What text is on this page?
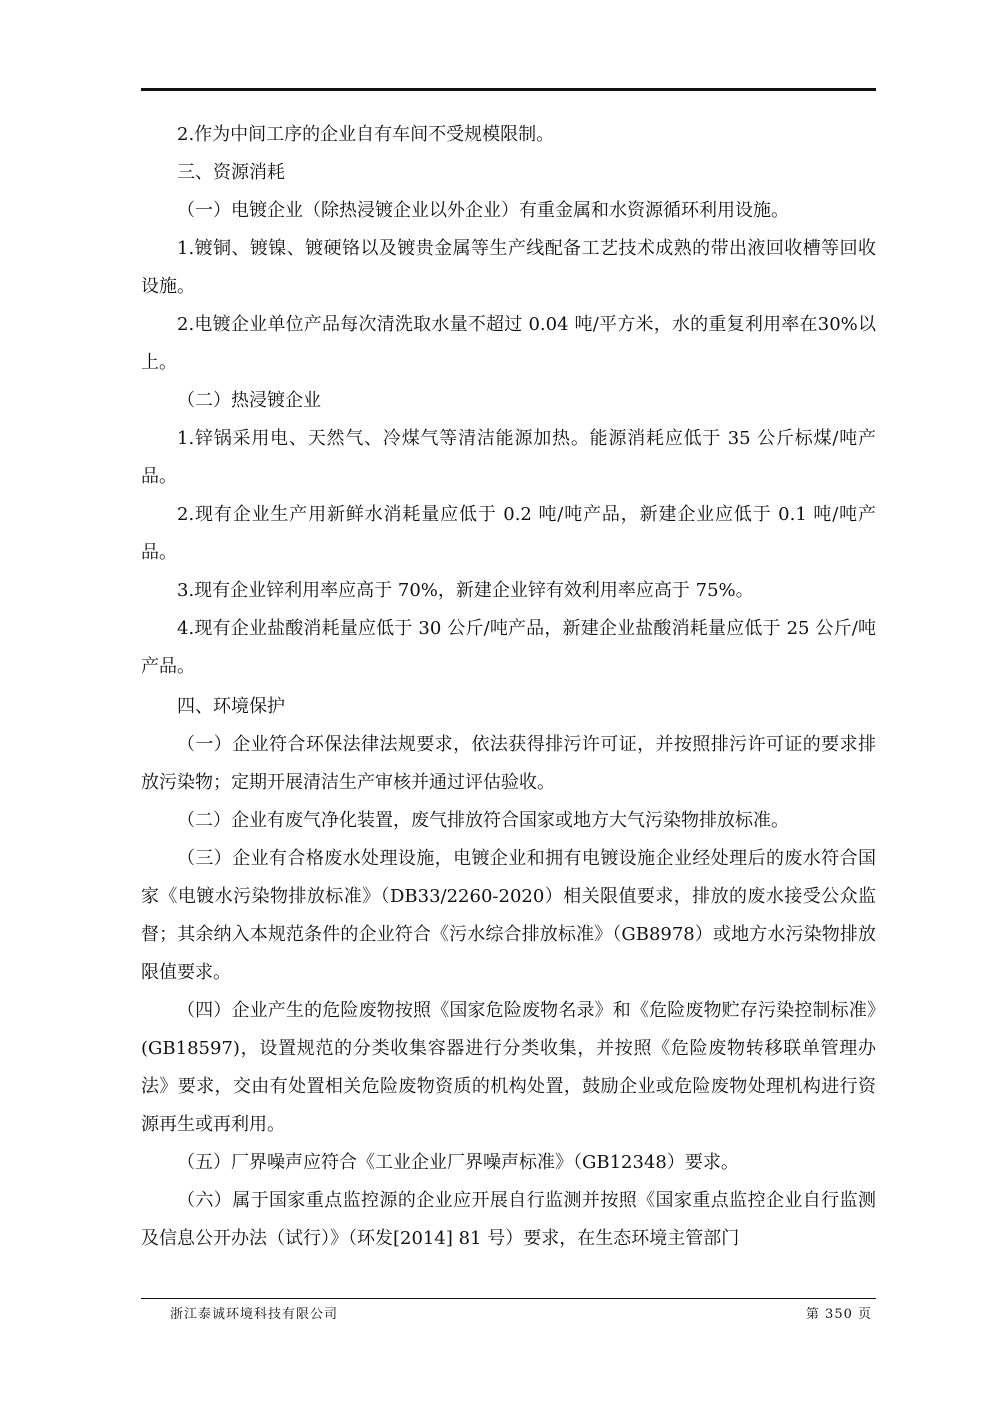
2.作为中间工序的企业自有车间不受规模限制。

三、资源消耗

（一）电镀企业（除热浸镀企业以外企业）有重金属和水资源循环利用设施。

1.镀铜、镀镍、镀硬铬以及镀贵金属等生产线配备工艺技术成熟的带出液回收槽等回收设施。

2.电镀企业单位产品每次清洗取水量不超过 0.04 吨/平方米，水的重复利用率在30%以上。

（二）热浸镀企业

1.锌锅采用电、天然气、冷煤气等清洁能源加热。能源消耗应低于 35 公斤标煤/吨产品。

2.现有企业生产用新鲜水消耗量应低于 0.2 吨/吨产品，新建企业应低于 0.1 吨/吨产品。

3.现有企业锌利用率应高于 70%，新建企业锌有效利用率应高于 75%。

4.现有企业盐酸消耗量应低于 30 公斤/吨产品，新建企业盐酸消耗量应低于 25 公斤/吨产品。

四、环境保护

（一）企业符合环保法律法规要求，依法获得排污许可证，并按照排污许可证的要求排放污染物；定期开展清洁生产审核并通过评估验收。

（二）企业有废气净化装置，废气排放符合国家或地方大气污染物排放标准。

（三）企业有合格废水处理设施，电镀企业和拥有电镀设施企业经处理后的废水符合国家《电镀水污染物排放标准》（DB33/2260-2020）相关限值要求，排放的废水接受公众监督；其余纳入本规范条件的企业符合《污水综合排放标准》（GB8978）或地方水污染物排放限值要求。

（四）企业产生的危险废物按照《国家危险废物名录》和《危险废物贮存污染控制标准》(GB18597)，设置规范的分类收集容器进行分类收集，并按照《危险废物转移联单管理办法》要求，交由有处置相关危险废物资质的机构处置，鼓励企业或危险废物处理机构进行资源再生或再利用。

（五）厂界噪声应符合《工业企业厂界噪声标准》（GB12348）要求。

（六）属于国家重点监控源的企业应开展自行监测并按照《国家重点监控企业自行监测及信息公开办法（试行）》（环发[2014] 81 号）要求，在生态环境主管部门

浙江泰诚环境科技有限公司	第 350 页
